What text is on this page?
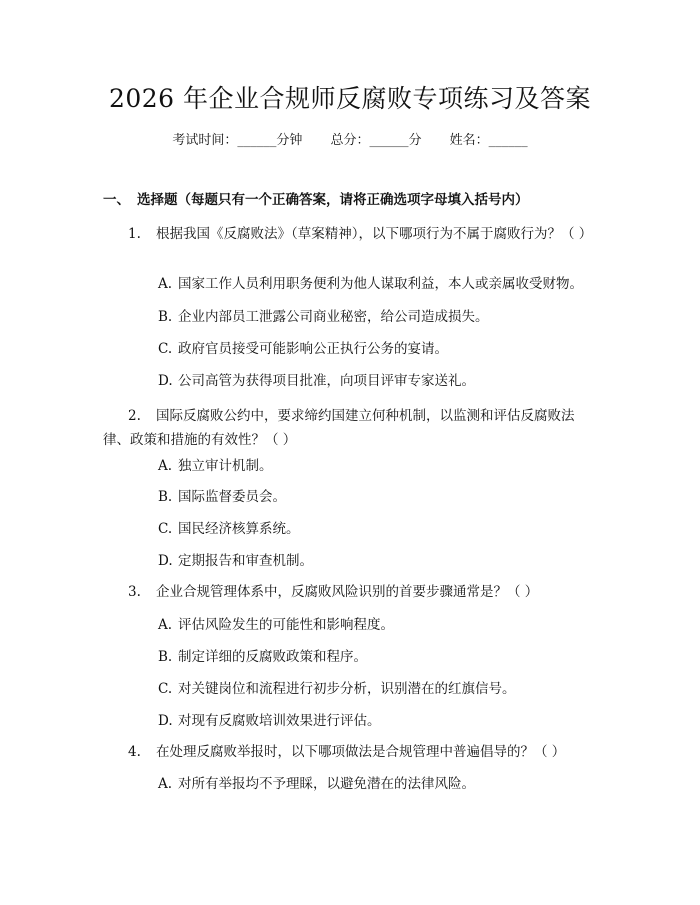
2026 年企业合规师反腐败专项练习及答案
考试时间：______分钟 总分：______分 姓名：______
一、 选择题（每题只有一个正确答案，请将正确选项字母填入括号内）
1. 根据我国《反腐败法》（草案精神），以下哪项行为不属于腐败行为？（ ）
A. 国家工作人员利用职务便利为他人谋取利益，本人或亲属收受财物。
B. 企业内部员工泄露公司商业秘密，给公司造成损失。
C. 政府官员接受可能影响公正执行公务的宴请。
D. 公司高管为获得项目批准，向项目评审专家送礼。
2. 国际反腐败公约中，要求缔约国建立何种机制，以监测和评估反腐败法律、政策和措施的有效性？（ ）
A. 独立审计机制。
B. 国际监督委员会。
C. 国民经济核算系统。
D. 定期报告和审查机制。
3. 企业合规管理体系中，反腐败风险识别的首要步骤通常是？（ ）
A. 评估风险发生的可能性和影响程度。
B. 制定详细的反腐败政策和程序。
C. 对关键岗位和流程进行初步分析，识别潜在的红旗信号。
D. 对现有反腐败培训效果进行评估。
4. 在处理反腐败举报时，以下哪项做法是合规管理中普遍倡导的？（ ）
A. 对所有举报均不予理睬，以避免潜在的法律风险。
